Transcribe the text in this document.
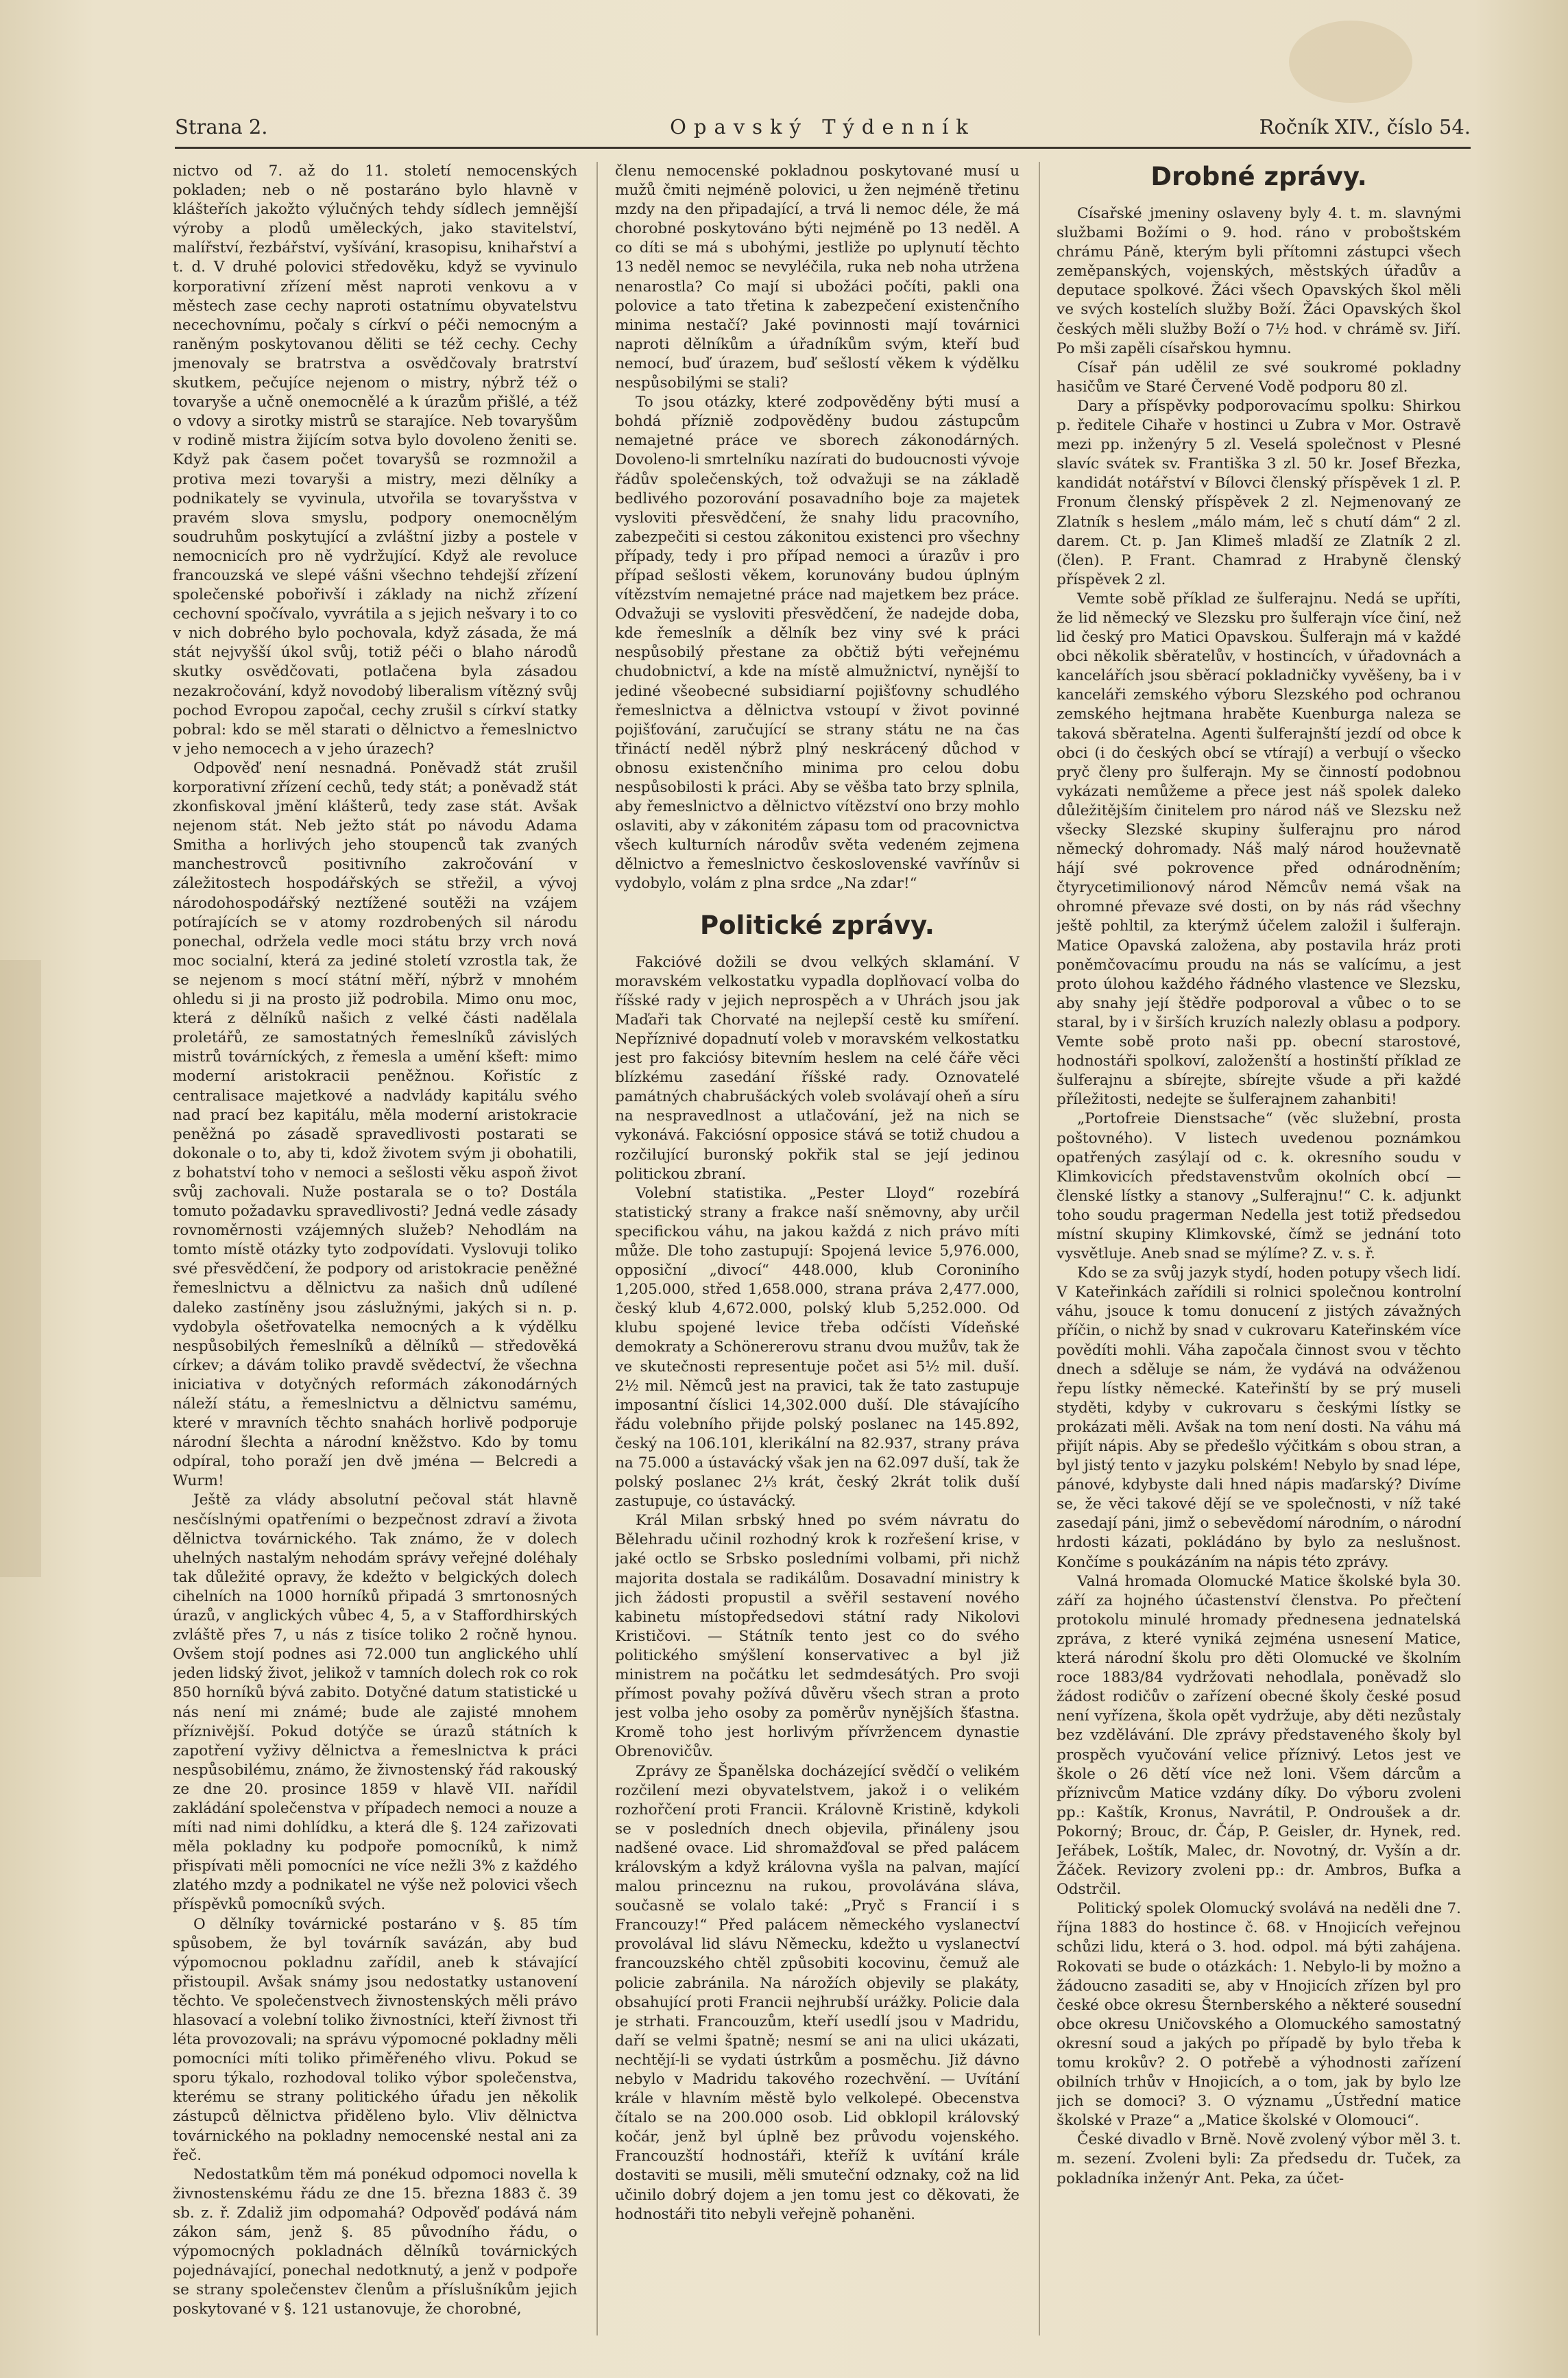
Opavský Týdenník
Strana 2.	Ročník XIV., číslo 54.

nictvo od 7. až do 11. století nemocenských pokladen; neb o ně postaráno bylo hlavně v klášteřích jakožto výlučných tehdy sídlech jemnější výroby a plodů uměleckých, jako stavitelství, malířství, řezbářství, vyšívání, krasopisu, knihařství a t. d. V druhé polovici středověku, když se vyvinulo korporativní zřízení měst naproti venkovu a v městech zase cechy naproti ostatnímu obyvatelstvu necechovnímu, počaly s církví o péči nemocným a raněným poskytovanou děliti se též cechy. Cechy jmenovaly se bratrstva a osvědčovaly bratrství skutkem, pečujíce nejenom o mistry, nýbrž též o tovaryše a učně onemocnělé a k úrazům přišlé, a též o vdovy a sirotky mistrů se starajíce. Neb tovaryšům v rodině mistra žijícím sotva bylo dovoleno ženiti se. Když pak časem počet tovaryšů se rozmnožil a protiva mezi tovaryši a mistry, mezi dělníky a podnikately se vyvinula, utvořila se tovaryšstva v pravém slova smyslu, podpory onemocnělým soudruhům poskytující a zvláštní jizby a postele v nemocnicích pro ně vydržující. Když ale revoluce francouzská ve slepé vášni všechno tehdejší zřízení společenské pobořivší i základy na nichž zřízení cechovní spočívalo, vyvrátila a s jejich nešvary i to co v nich dobrého bylo pochovala, když zásada, že má stát nejvyšší úkol svůj, totiž péči o blaho národů skutky osvědčovati, potlačena byla zásadou nezakročování, když novodobý liberalism vítězný svůj pochod Evropou započal, cechy zrušil s církví statky pobral: kdo se měl starati o dělnictvo a řemeslnictvo v jeho nemocech a v jeho úrazech?

Odpověď není nesnadná. Poněvadž stát zrušil korporativní zřízení cechů, tedy stát; a poněvadž stát zkonfiskoval jmění klášterů, tedy zase stát. Avšak nejenom stát. Neb ježto stát po návodu Adama Smitha a horlivých jeho stoupenců tak zvaných manchestrovců positivního zakročování v záležitostech hospodářských se střežil, a vývoj národohospodářský neztížené soutěži na vzájem potírajících se v atomy rozdrobených sil národu ponechal, održela vedle moci státu brzy vrch nová moc socialní, která za jediné století vzrostla tak, že se nejenom s mocí státní měří, nýbrž v mnohém ohledu si ji na prosto již podrobila. Mimo onu moc, která z dělníků našich z velké části nadělala proletářů, ze samostatných řemeslníků závislých mistrů továrníckých, z řemesla a umění kšeft: mimo moderní aristokracii peněžnou. Kořistíc z centralisace majetkové a nadvlády kapitálu svého nad prací bez kapitálu, měla moderní aristokracie peněžná po zásadě spravedlivosti postarati se dokonale o to, aby ti, kdož životem svým ji obohatili, z bohatství toho v nemoci a sešlosti věku aspoň život svůj zachovali. Nuže postarala se o to? Dostála tomuto požadavku spravedlivosti? Jedná vedle zásady rovnoměrnosti vzájemných služeb? Nehodlám na tomto místě otázky tyto zodpovídati. Vyslovuji toliko své přesvědčení, že podpory od aristokracie peněžné řemeslnictvu a dělnictvu za našich dnů udílené daleko zastíněny jsou záslužnými, jakých si n. p. vydobyla ošetřovatelka nemocných a k výdělku nespůsobilých řemeslníků a dělníků — středověká církev; a dávám toliko pravdě svědectví, že všechna iniciativa v dotyčných reformách zákonodárných náleží státu, a řemeslnictvu a dělnictvu samému, které v mravních těchto snahách horlivě podporuje národní šlechta a národní kněžstvo. Kdo by tomu odpíral, toho poraží jen dvě jména — Belcredi a Wurm!

Ještě za vlády absolutní pečoval stát hlavně nesčíslnými opatřeními o bezpečnost zdraví a života dělnictva továrnického. Tak známo, že v dolech uhelných nastalým nehodám správy veřejné doléhaly tak důležité opravy, že kdežto v belgických dolech cihelních na 1000 horníků připadá 3 smrtonosných úrazů, v anglických vůbec 4, 5, a v Staffordhirských zvláště přes 7, u nás z tisíce toliko 2 ročně hynou. Ovšem stojí podnes asi 72.000 tun anglického uhlí jeden lidský život, jelikož v tamních dolech rok co rok 850 horníků bývá zabito. Dotyčné datum statistické u nás není mi známé; bude ale zajisté mnohem příznivější. Pokud dotýče se úrazů státních k zapotření vyživy dělnictva a řemeslnictva k práci nespůsobilému, známo, že živnostenský řád rakouský ze dne 20. prosince 1859 v hlavě VII. nařídil zakládání společenstva v případech nemoci a nouze a míti nad nimi dohlídku, a která dle §. 124 zařizovati měla pokladny ku podpoře pomocníků, k nimž přispívati měli pomocníci ne více nežli 3% z každého zlatého mzdy a podnikatel ne výše než polovici všech příspěvků pomocníků svých.

O dělníky továrnické postaráno v §. 85 tím spůsobem, že byl továrník savázán, aby bud výpomocnou pokladnu zařídil, aneb k stávající přistoupil. Avšak snámy jsou nedostatky ustanovení těchto. Ve společenstvech živnostenských měli právo hlasovací a volební toliko živnostníci, kteří živnost tři léta provozovali; na správu výpomocné pokladny měli pomocníci míti toliko přiměřeného vlivu. Pokud se sporu týkalo, rozhodoval toliko výbor společenstva, kterému se strany politického úřadu jen několik zástupců dělnictva přiděleno bylo. Vliv dělnictva továrnického na pokladny nemocenské nestal ani za řeč.

Nedostatkům těm má ponékud odpomoci novella k živnostenskému řádu ze dne 15. března 1883 č. 39 sb. z. ř. Zdaliž jim odpomahá? Odpověď podává nám zákon sám, jenž §. 85 původního řádu, o výpomocných pokladnách dělníků továrnických pojednávající, ponechal nedotknutý, a jenž v podpoře se strany společenstev členům a příslušníkům jejich poskytované v §. 121 ustanovuje, že chorobné,

členu nemocenské pokladnou poskytované musí u mužů čmiti nejméně polovici, u žen nejméně třetinu mzdy na den připadající, a trvá li nemoc déle, že má chorobné poskytováno býti nejméně po 13 neděl. A co díti se má s ubohými, jestliže po uplynutí těchto 13 neděl nemoc se nevyléčila, ruka neb noha utržena nenarostla? Co mají si ubožáci počíti, pakli ona polovice a tato třetina k zabezpečení existenčního minima nestačí? Jaké povinnosti mají továrnici naproti dělníkům a úřadníkům svým, kteří buď nemocí, buď úrazem, buď sešlostí věkem k výdělku nespůsobilými se stali?

To jsou otázky, které zodpověděny býti musí a bohdá přízniě zodpověděny budou zástupcům nemajetné práce ve sborech zákonodárných. Dovoleno-li smrtelníku nazírati do budoucnosti vývoje řádův společenských, tož odvažuji se na základě bedlivého pozorování posavadního boje za majetek vysloviti přesvědčení, že snahy lidu pracovního, zabezpečiti si cestou zákonitou existenci pro všechny případy, tedy i pro případ nemoci a úrazův i pro případ sešlosti věkem, korunovány budou úplným vítězstvím nemajetné práce nad majetkem bez práce. Odvažuji se vysloviti přesvědčení, že nadejde doba, kde řemeslník a dělník bez viny své k práci nespůsobilý přestane za občtiž býti veřejnému chudobnictví, a kde na místě almužnictví, nynější to jediné všeobecné subsidiarní pojišťovny schudlého řemeslnictva a dělnictva vstoupí v život povinné pojišťování, zaručující se strany státu ne na čas třináctí neděl nýbrž plný neskrácený důchod v obnosu existenčního minima pro celou dobu nespůsobilosti k práci. Aby se věšba tato brzy splnila, aby řemeslnictvo a dělnictvo vítězství ono brzy mohlo oslaviti, aby v zákonitém zápasu tom od pracovnictva všech kulturních národův světa vedeném zejmena dělnictvo a řemeslnictvo československé vavřínův si vydobylo, volám z plna srdce „Na zdar!“

Politické zprávy.

Fakcióvé dožili se dvou velkých sklamání. V moravském velkostatku vypadla doplňovací volba do říšské rady v jejich neprospěch a v Uhrách jsou jak Maďaři tak Chorvaté na nejlepší cestě ku smíření. Nepříznivé dopadnutí voleb v moravském velkostatku jest pro fakciósy bitevním heslem na celé čáře věci blízkému zasedání říšské rady. Oznovatelé památných chabrušáckých voleb svolávají oheň a síru na nespravedlnost a utlačování, jež na nich se vykonává. Fakciósní opposice stává se totiž chudou a rozčilující buronský pokřik stal se její jedinou politickou zbraní.

Volební statistika. „Pester Lloyd“ rozebírá statistický strany a frakce naší sněmovny, aby určil specifickou váhu, na jakou každá z nich právo míti může. Dle toho zastupují: Spojená levice 5,976.000, opposiční „divocí“ 448.000, klub Coroniního 1,205.000, střed 1,658.000, strana práva 2,477.000, český klub 4,672.000, polský klub 5,252.000. Od klubu spojené levice třeba odčísti Vídeňské demokraty a Schönererovu stranu dvou mužův, tak že ve skutečnosti representuje počet asi 5½ mil. duší. 2½ mil. Němců jest na pravici, tak že tato zastupuje imposantní číslici 14,302.000 duší. Dle stávajícího řádu volebního přijde polský poslanec na 145.892, český na 106.101, klerikální na 82.937, strany práva na 75.000 a ústavácký však jen na 62.097 duší, tak že polský poslanec 2⅓ krát, český 2krát tolik duší zastupuje, co ústavácký.

Král Milan srbský hned po svém návratu do Bělehradu učinil rozhodný krok k rozřešení krise, v jaké octlo se Srbsko posledními volbami, při nichž majorita dostala se radikálům. Dosavadní ministry k jich žádosti propustil a svěřil sestavení nového kabinetu místopředsedovi státní rady Nikolovi Krističovi. — Státník tento jest co do svého politického smýšlení konservativec a byl již ministrem na počátku let sedmdesátých. Pro svoji přímost povahy požívá důvěru všech stran a proto jest volba jeho osoby za poměrův nynějších šťastna. Kromě toho jest horlivým přívržencem dynastie Obrenovičův.

Zprávy ze Španělska docházející svědčí o velikém rozčilení mezi obyvatelstvem, jakož i o velikém rozhořčení proti Francii. Královně Kristině, kdykoli se v posledních dnech objevila, přináleny jsou nadšené ovace. Lid shromažďoval se před palácem královským a když královna vyšla na palvan, mající malou princeznu na rukou, provolávána sláva, současně se volalo také: „Pryč s Francií i s Francouzy!“ Před palácem německého vyslanectví provolával lid slávu Německu, kdežto u vyslanectví francouzského chtěl způsobiti kocovinu, čemuž ale policie zabránila. Na nárožích objevily se plakáty, obsahující proti Francii nejhrubší urážky. Policie dala je strhati. Francouzům, kteří usedlí jsou v Madridu, daří se velmi špatně; nesmí se ani na ulici ukázati, nechtějí-li se vydati ústrkům a posměchu. Již dávno nebylo v Madridu takového rozechvění. — Uvítání krále v hlavním městě bylo velkolepé. Obecenstva čítalo se na 200.000 osob. Lid obklopil královský kočár, jenž byl úplně bez průvodu vojenského. Francouzští hodnostáři, kteříž k uvítání krále dostaviti se musili, měli smuteční odznaky, což na lid učinilo dobrý dojem a jen tomu jest co děkovati, že hodnostáři tito nebyli veřejně pohaněni.

Drobné zprávy.

Císařské jmeniny oslaveny byly 4. t. m. slavnými službami Božími o 9. hod. ráno v proboštském chrámu Páně, kterým byli přítomni zástupci všech zeměpanských, vojenských, městských úřadův a deputace spolkové. Žáci všech Opavských škol měli ve svých kostelích služby Boží. Žáci Opavských škol českých měli služby Boží o 7½ hod. v chrámě sv. Jiří. Po mši zapěli císařskou hymnu.

Císař pán udělil ze své soukromé pokladny hasičům ve Staré Červené Vodě podporu 80 zl.

Dary a příspěvky podporovacímu spolku: Shirkou p. ředitele Cihaře v hostinci u Zubra v Mor. Ostravě mezi pp. inženýry 5 zl. Veselá společnost v Plesné slavíc svátek sv. Františka 3 zl. 50 kr. Josef Březka, kandidát notářství v Bílovci členský příspěvek 1 zl. P. Fronum členský příspěvek 2 zl. Nejmenovaný ze Zlatník s heslem „málo mám, leč s chutí dám“ 2 zl. darem. Ct. p. Jan Klimeš mladší ze Zlatník 2 zl. (člen). P. Frant. Chamrad z Hrabyně členský příspěvek 2 zl.

Vemte sobě příklad ze šulferajnu. Nedá se upříti, že lid německý ve Slezsku pro šulferajn více činí, než lid český pro Matici Opavskou. Šulferajn má v každé obci několik sběratelův, v hostincích, v úřadovnách a kancelářích jsou sběrací pokladničky vyvěšeny, ba i v kanceláři zemského výboru Slezského pod ochranou zemského hejtmana hraběte Kuenburga naleza se taková sběratelna. Agenti šulferajnští jezdí od obce k obci (i do českých obcí se vtírají) a verbují o všecko pryč členy pro šulferajn. My se činností podobnou vykázati nemůžeme a přece jest náš spolek daleko důležitějším činitelem pro národ náš ve Slezsku než všecky Slezské skupiny šulferajnu pro národ německý dohromady. Náš malý národ houževnatě hájí své pokrovence před odnárodněním; čtyrycetimilionový národ Němcův nemá však na ohromné převaze své dosti, on by nás rád všechny ještě pohltil, za kterýmž účelem založil i šulferajn. Matice Opavská založena, aby postavila hráz proti poněmčovacímu proudu na nás se valícímu, a jest proto úlohou každého řádného vlastence ve Slezsku, aby snahy její štědře podporoval a vůbec o to se staral, by i v širších kruzích nalezly oblasu a podpory. Vemte sobě proto naši pp. obecní starostové, hodnostáři spolkoví, založenští a hostinští příklad ze šulferajnu a sbírejte, sbírejte všude a při každé příležitosti, nedejte se šulferajnem zahanbiti!

„Portofreie Dienstsache“ (věc služební, prosta poštovného). V listech uvedenou poznámkou opatřených zasýlají od c. k. okresního soudu v Klimkovicích představenstvům okolních obcí — členské lístky a stanovy „Sulferajnu!“ C. k. adjunkt toho soudu pragerman Nedella jest totiž předsedou místní skupiny Klimkovské, čímž se jednání toto vysvětluje. Aneb snad se mýlíme? Z. v. s. ř.

Kdo se za svůj jazyk stydí, hoden potupy všech lidí. V Kateřinkách zařídili si rolnici společnou kontrolní váhu, jsouce k tomu donucení z jistých závažných příčin, o nichž by snad v cukrovaru Kateřinském více povědíti mohli. Váha započala činnost svou v těchto dnech a sděluje se nám, že vydává na odváženou řepu lístky německé. Kateřinští by se prý museli styděti, kdyby v cukrovaru s českými lístky se prokázati měli. Avšak na tom není dosti. Na váhu má přijít nápis. Aby se předešlo výčitkám s obou stran, a byl jistý tento v jazyku polském! Nebylo by snad lépe, pánové, kdybyste dali hned nápis maďarský? Divíme se, že věci takové dějí se ve společnosti, v níž také zasedají páni, jimž o sebevědomí národním, o národní hrdosti kázati, pokládáno by bylo za neslušnost. Končíme s poukázáním na nápis této zprávy.

Valná hromada Olomucké Matice školské byla 30. září za hojného účastenství členstva. Po přečtení protokolu minulé hromady přednesena jednatelská zpráva, z které vyniká zejména usnesení Matice, která národní školu pro děti Olomucké ve školním roce 1883/84 vydržovati nehodlala, poněvadž slo žádost rodičův o zařízení obecné školy české posud není vyřízena, škola opět vydržuje, aby děti nezůstaly bez vzdělávání. Dle zprávy představeného školy byl prospěch vyučování velice příznivý. Letos jest ve škole o 26 dětí více než loni. Všem dárcům a příznivcům Matice vzdány díky. Do výboru zvoleni pp.: Kaštík, Kronus, Navrátil, P. Ondroušek a dr. Pokorný; Brouc, dr. Čáp, P. Geisler, dr. Hynek, red. Jeřábek, Loštík, Malec, dr. Novotný, dr. Vyšín a dr. Žáček. Revizory zvoleni pp.: dr. Ambros, Bufka a Odstrčil.

Politický spolek Olomucký svolává na neděli dne 7. října 1883 do hostince č. 68. v Hnojicích veřejnou schůzi lidu, která o 3. hod. odpol. má býti zahájena. Rokovati se bude o otázkách: 1. Nebylo-li by možno a žádoucno zasaditi se, aby v Hnojicích zřízen byl pro české obce okresu Šternberského a některé sousední obce okresu Uničovského a Olomuckého samostatný okresní soud a jakých po případě by bylo třeba k tomu krokův? 2. O potřebě a výhodnosti zařízení obilních trhův v Hnojicích, a o tom, jak by bylo lze jich se domoci? 3. O významu „Ústřední matice školské v Praze“ a „Matice školské v Olomouci“.

České divadlo v Brně. Nově zvolený výbor měl 3. t. m. sezení. Zvoleni byli: Za předsedu dr. Tuček, za pokladníka inženýr Ant. Peka, za účet-
